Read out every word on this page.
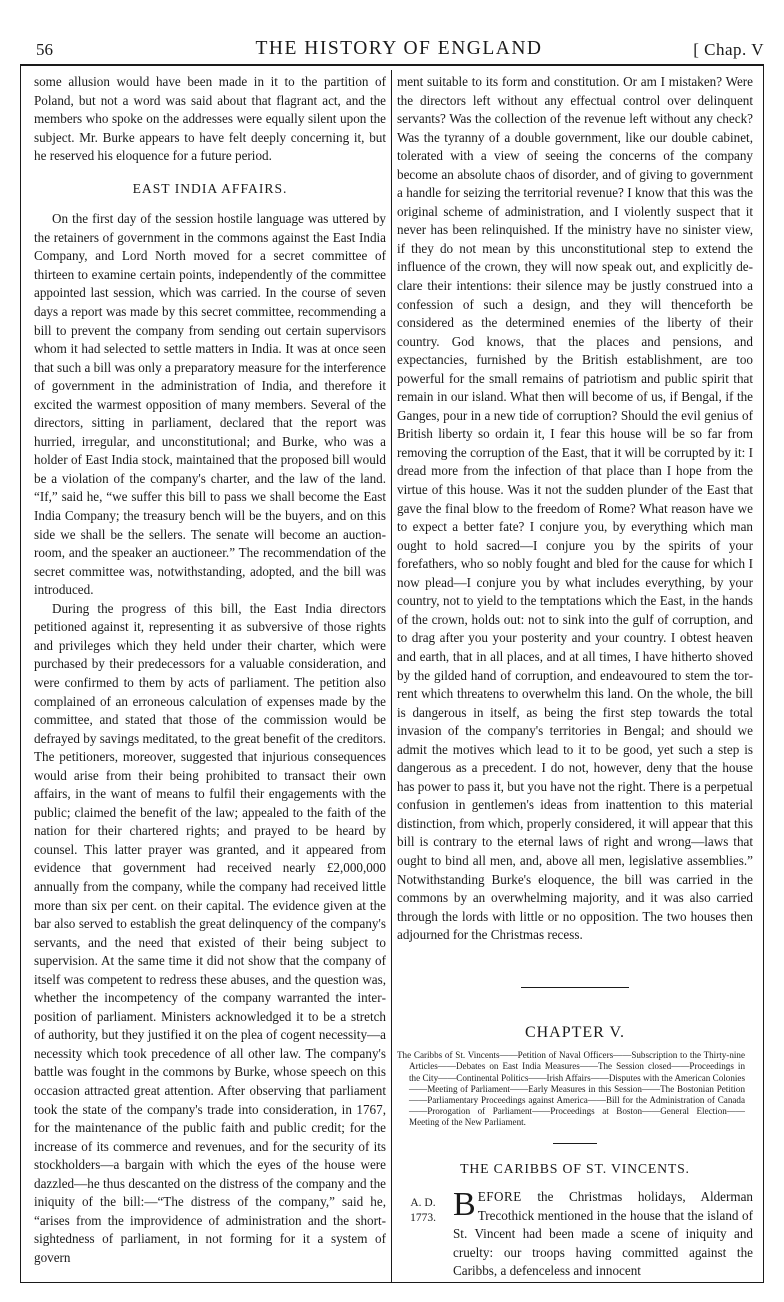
56	THE HISTORY OF ENGLAND	[ Chap. V

some allusion would have been made in it to the partition of Poland, but not a word was said about that flagrant act, and the members who spoke on the addresses were equally silent upon the subject. Mr. Burke appears to have felt deeply concerning it, but he reserved his eloquence for a future period.

EAST INDIA AFFAIRS.

On the first day of the session hostile language was uttered by the retainers of government in the commons against the East India Company, and Lord North moved for a secret committee of thirteen to examine certain points, independently of the committee appointed last session, which was carried. In the course of seven days a report was made by this secret committee, recommending a bill to prevent the company from sending out certain supervisors whom it had selected to settle matters in India. It was at once seen that such a bill was only a preparatory measure for the interference of government in the administration of India, and therefore it excited the warmest opposition of many members. Several of the directors, sitting in parliament, declared that the report was hurried, irregular, and unconstitutional; and Burke, who was a holder of East India stock, maintained that the proposed bill would be a violation of the company's charter, and the law of the land. “If,” said he, “we suffer this bill to pass we shall become the East India Company; the treasury bench will be the buyers, and on this side we shall be the sellers. The senate will become an auction-room, and the speaker an auctioneer.” The recommendation of the secret committee was, notwithstanding, adopted, and the bill was introduced.

During the progress of this bill, the East India directors petitioned against it, representing it as subversive of those rights and privileges which they held under their charter, which were purchased by their predecessors for a valuable consideration, and were confirmed to them by acts of parliament. The petition also complained of an erroneous calculation of expenses made by the committee, and stated that those of the commission would be defrayed by savings meditated, to the great benefit of the creditors. The petitioners, moreover, suggested that injurious consequences would arise from their being prohibited to transact their own affairs, in the want of means to fulfil their engagements with the public; claimed the benefit of the law; appealed to the faith of the nation for their chartered rights; and prayed to be heard by counsel. This latter prayer was granted, and it appeared from evidence that government had received nearly £2,000,000 annually from the company, while the company had received little more than six per cent. on their capital. The evidence given at the bar also served to establish the great delinquency of the company's servants, and the need that existed of their being subject to supervision. At the same time it did not show that the company of itself was competent to redress these abuses, and the question was, whether the incompetency of the company warranted the interposition of parliament. Ministers acknowledged it to be a stretch of authority, but they justified it on the plea of cogent necessity—a necessity which took precedence of all other law. The company's battle was fought in the commons by Burke, whose speech on this occasion attracted great attention. After observing that parliament took the state of the company's trade into consideration, in 1767, for the maintenance of the public faith and public credit; for the increase of its commerce and revenues, and for the security of its stockholders—a bargain with which the eyes of the house were dazzled—he thus descanted on the distress of the company and the iniquity of the bill:—“The distress of the company,” said he, “arises from the improvidence of administration and the short-sightedness of parliament, in not forming for it a system of govern

ment suitable to its form and constitution. Or am I mistaken? Were the directors left without any effectual control over delinquent servants? Was the collection of the revenue left without any check? Was the tyranny of a double government, like our double cabinet, tolerated with a view of seeing the concerns of the company become an absolute chaos of disorder, and of giving to government a handle for seizing the territorial revenue? I know that this was the original scheme of administration, and I violently suspect that it never has been relinquished. If the ministry have no sinister view, if they do not mean by this unconstitutional step to extend the influence of the crown, they will now speak out, and explicitly declare their intentions: their silence may be justly construed into a confession of such a design, and they will thenceforth be considered as the determined enemies of the liberty of their country. God knows, that the places and pensions, and expectancies, furnished by the British establishment, are too powerful for the small remains of patriotism and public spirit that remain in our island. What then will become of us, if Bengal, if the Ganges, pour in a new tide of corruption? Should the evil genius of British liberty so ordain it, I fear this house will be so far from removing the corruption of the East, that it will be corrupted by it: I dread more from the infection of that place than I hope from the virtue of this house. Was it not the sudden plunder of the East that gave the final blow to the freedom of Rome? What reason have we to expect a better fate? I conjure you, by everything which man ought to hold sacred—I conjure you by the spirits of your forefathers, who so nobly fought and bled for the cause for which I now plead—I conjure you by what includes everything, by your country, not to yield to the temptations which the East, in the hands of the crown, holds out: not to sink into the gulf of corruption, and to drag after you your posterity and your country. I obtest heaven and earth, that in all places, and at all times, I have hitherto shoved by the gilded hand of corruption, and endeavoured to stem the torrent which threatens to overwhelm this land. On the whole, the bill is dangerous in itself, as being the first step towards the total invasion of the company's territories in Bengal; and should we admit the motives which lead to it to be good, yet such a step is dangerous as a precedent. I do not, however, deny that the house has power to pass it, but you have not the right. There is a perpetual confusion in gentlemen's ideas from inattention to this material distinction, from which, properly considered, it will appear that this bill is contrary to the eternal laws of right and wrong—laws that ought to bind all men, and, above all men, legislative assemblies.” Notwithstanding Burke's eloquence, the bill was carried in the commons by an overwhelming majority, and it was also carried through the lords with little or no opposition. The two houses then adjourned for the Christmas recess.

CHAPTER V.
The Caribbs of St. Vincents——Petition of Naval Officers——Subscription to the Thirty-nine Articles——Debates on East India Measures——The Session closed——Proceedings in the City——Continental Politics——Irish Affairs——Disputes with the American Colonies——Meeting of Parliament——Early Measures in this Session——The Bostonian Petition——Parliamentary Proceedings against America——Bill for the Administration of Canada——Prorogation of Parliament——Proceedings at Boston——General Election——Meeting of the New Parliament.
THE CARIBBS OF ST. VINCENTS.
A. D.
1773. B EFORE the Christmas holidays, Alderman Trecothick mentioned in the house that the island of St. Vincent had been made a scene of iniquity and cruelty: our troops having committed against the Caribbs, a defenceless and innocent
